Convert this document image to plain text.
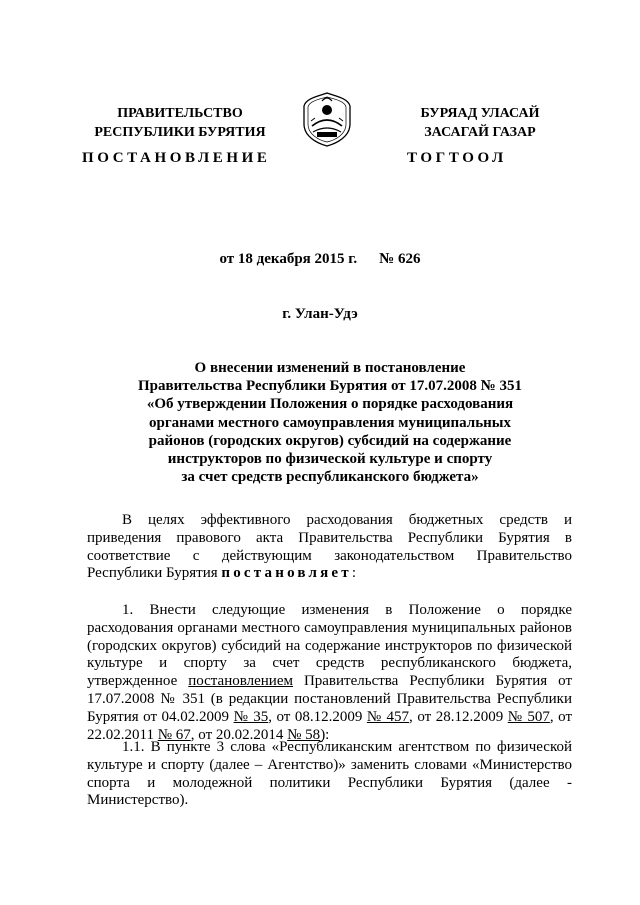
ПРАВИТЕЛЬСТВО
РЕСПУБЛИКИ БУРЯТИЯ
БУРЯАД УЛАСАЙ
ЗАСАГАЙ ГАЗАР
ПОСТАНОВЛЕНИЕ	ТОГТООЛ
от 18 декабря 2015 г. № 626
г. Улан-Удэ
О внесении изменений в постановление
Правительства Республики Бурятия от 17.07.2008 № 351
«Об утверждении Положения о порядке расходования
органами местного самоуправления муниципальных
районов (городских округов) субсидий на содержание
инструкторов по физической культуре и спорту
за счет средств республиканского бюджета»
В целях эффективного расходования бюджетных средств и приведения правового акта Правительства Республики Бурятия в соответствие с действующим законодательством Правительство Республики Бурятия постановляет:
1. Внести следующие изменения в Положение о порядке расходования органами местного самоуправления муниципальных районов (городских округов) субсидий на содержание инструкторов по физической культуре и спорту за счет средств республиканского бюджета, утвержденное постановлением Правительства Республики Бурятия от 17.07.2008 № 351 (в редакции постановлений Правительства Республики Бурятия от 04.02.2009 № 35, от 08.12.2009 № 457, от 28.12.2009 № 507, от 22.02.2011 № 67, от 20.02.2014 № 58):
1.1. В пункте 3 слова «Республиканским агентством по физической культуре и спорту (далее – Агентство)» заменить словами «Министерство спорта и молодежной политики Республики Бурятия (далее - Министерство).
